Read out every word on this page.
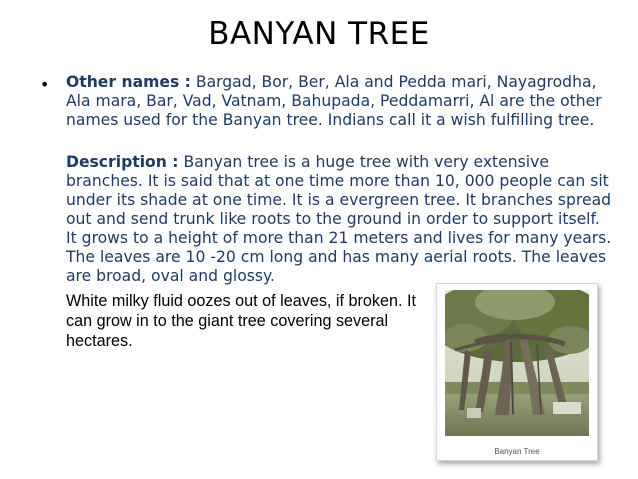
BANYAN TREE
• Other names : Bargad, Bor, Ber, Ala and Pedda mari, Nayagrodha, Ala mara, Bar, Vad, Vatnam, Bahupada, Peddamarri, Al are the other names used for the Banyan tree. Indians call it a wish fulfilling tree.
Description : Banyan tree is a huge tree with very extensive branches. It is said that at one time more than 10, 000 people can sit under its shade at one time. It is a evergreen tree. It branches spread out and send trunk like roots to the ground in order to support itself. It grows to a height of more than 21 meters and lives for many years. The leaves are 10 -20 cm long and has many aerial roots. The leaves are broad, oval and glossy.
White milky fluid oozes out of leaves, if broken. It can grow in to the giant tree covering several hectares.
Banyan Tree
